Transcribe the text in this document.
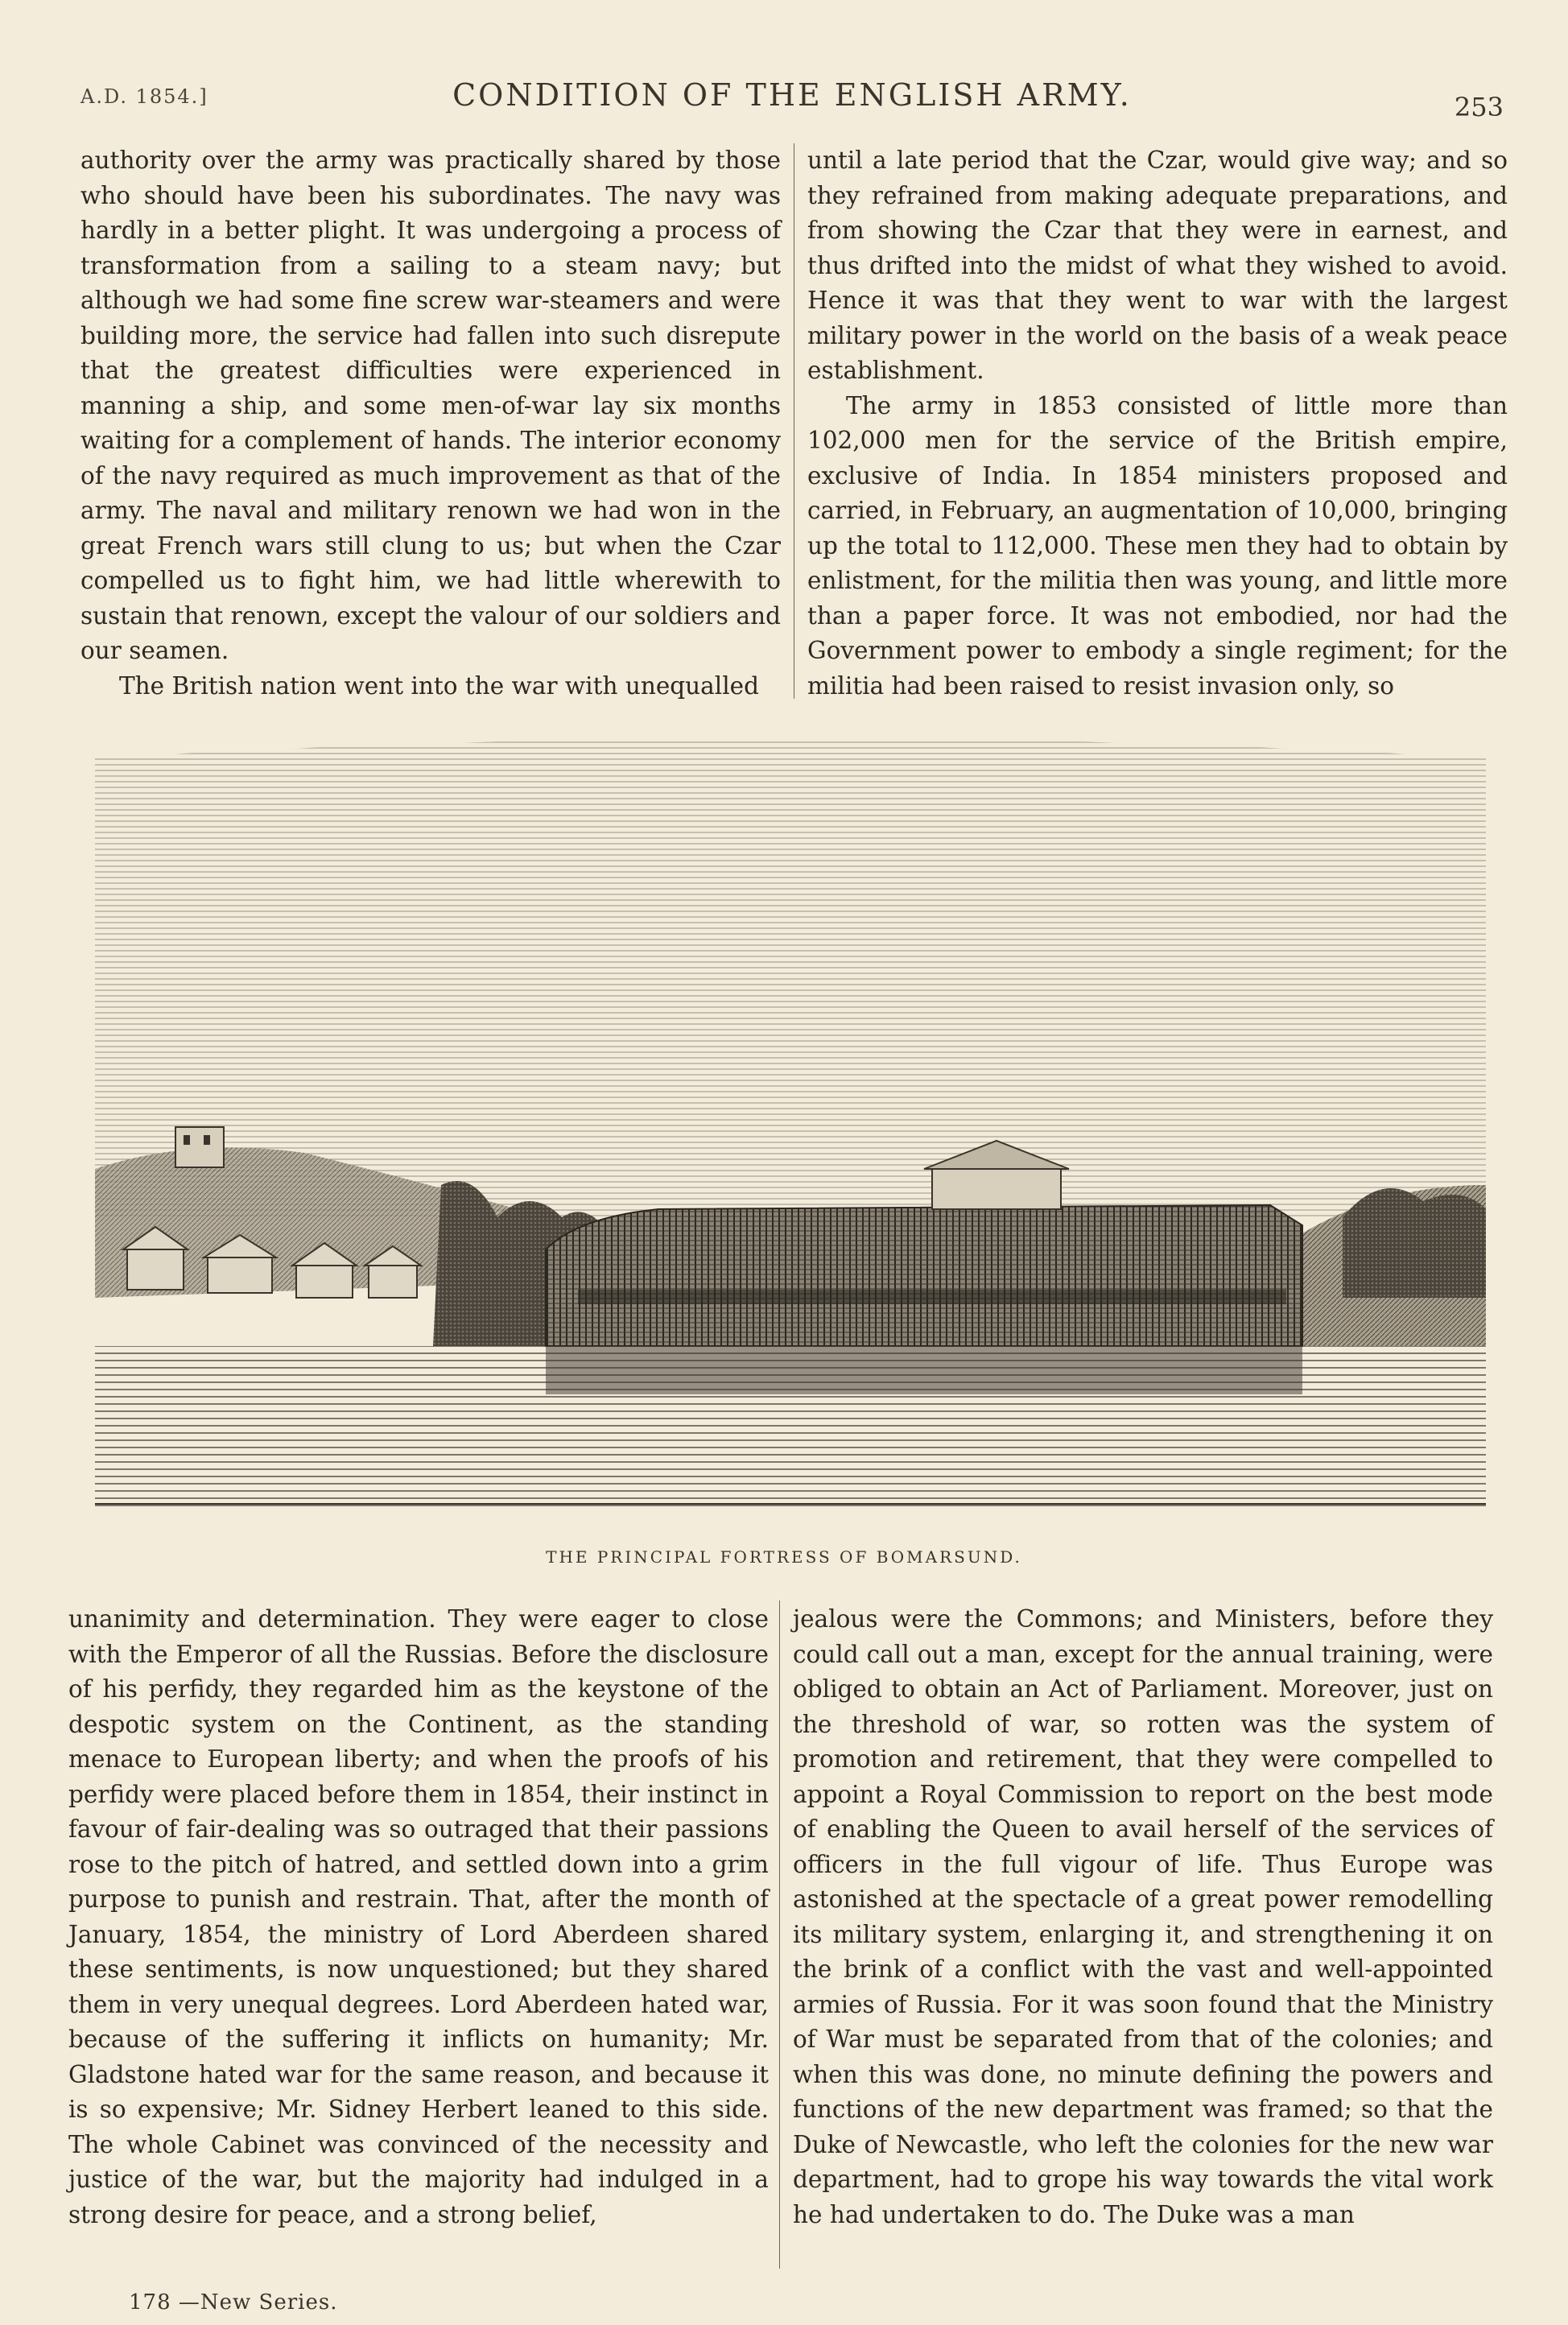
A.D. 1854.]	CONDITION OF THE ENGLISH ARMY.	253

authority over the army was practically shared by those who should have been his subordinates. The navy was hardly in a better plight. It was undergoing a process of transformation from a sailing to a steam navy; but although we had some fine screw war-steamers and were building more, the service had fallen into such disrepute that the greatest difficulties were experienced in manning a ship, and some men-of-war lay six months waiting for a complement of hands. The interior economy of the navy required as much improvement as that of the army. The naval and military renown we had won in the great French wars still clung to us; but when the Czar compelled us to fight him, we had little wherewith to sustain that renown, except the valour of our soldiers and our seamen.

The British nation went into the war with unequalled

until a late period that the Czar, would give way; and so they refrained from making adequate preparations, and from showing the Czar that they were in earnest, and thus drifted into the midst of what they wished to avoid. Hence it was that they went to war with the largest military power in the world on the basis of a weak peace establishment.

The army in 1853 consisted of little more than 102,000 men for the service of the British empire, exclusive of India. In 1854 ministers proposed and carried, in February, an augmentation of 10,000, bringing up the total to 112,000. These men they had to obtain by enlistment, for the militia then was young, and little more than a paper force. It was not embodied, nor had the Government power to embody a single regiment; for the militia had been raised to resist invasion only, so

THE PRINCIPAL FORTRESS OF BOMARSUND.

unanimity and determination. They were eager to close with the Emperor of all the Russias. Before the disclosure of his perfidy, they regarded him as the keystone of the despotic system on the Continent, as the standing menace to European liberty; and when the proofs of his perfidy were placed before them in 1854, their instinct in favour of fair-dealing was so outraged that their passions rose to the pitch of hatred, and settled down into a grim purpose to punish and restrain. That, after the month of January, 1854, the ministry of Lord Aberdeen shared these sentiments, is now unquestioned; but they shared them in very unequal degrees. Lord Aberdeen hated war, because of the suffering it inflicts on humanity; Mr. Gladstone hated war for the same reason, and because it is so expensive; Mr. Sidney Herbert leaned to this side. The whole Cabinet was convinced of the necessity and justice of the war, but the majority had indulged in a strong desire for peace, and a strong belief,

jealous were the Commons; and Ministers, before they could call out a man, except for the annual training, were obliged to obtain an Act of Parliament. Moreover, just on the threshold of war, so rotten was the system of promotion and retirement, that they were compelled to appoint a Royal Commission to report on the best mode of enabling the Queen to avail herself of the services of officers in the full vigour of life. Thus Europe was astonished at the spectacle of a great power remodelling its military system, enlarging it, and strengthening it on the brink of a conflict with the vast and well-appointed armies of Russia. For it was soon found that the Ministry of War must be separated from that of the colonies; and when this was done, no minute defining the powers and functions of the new department was framed; so that the Duke of Newcastle, who left the colonies for the new war department, had to grope his way towards the vital work he had undertaken to do. The Duke was a man

178 —New Series.
